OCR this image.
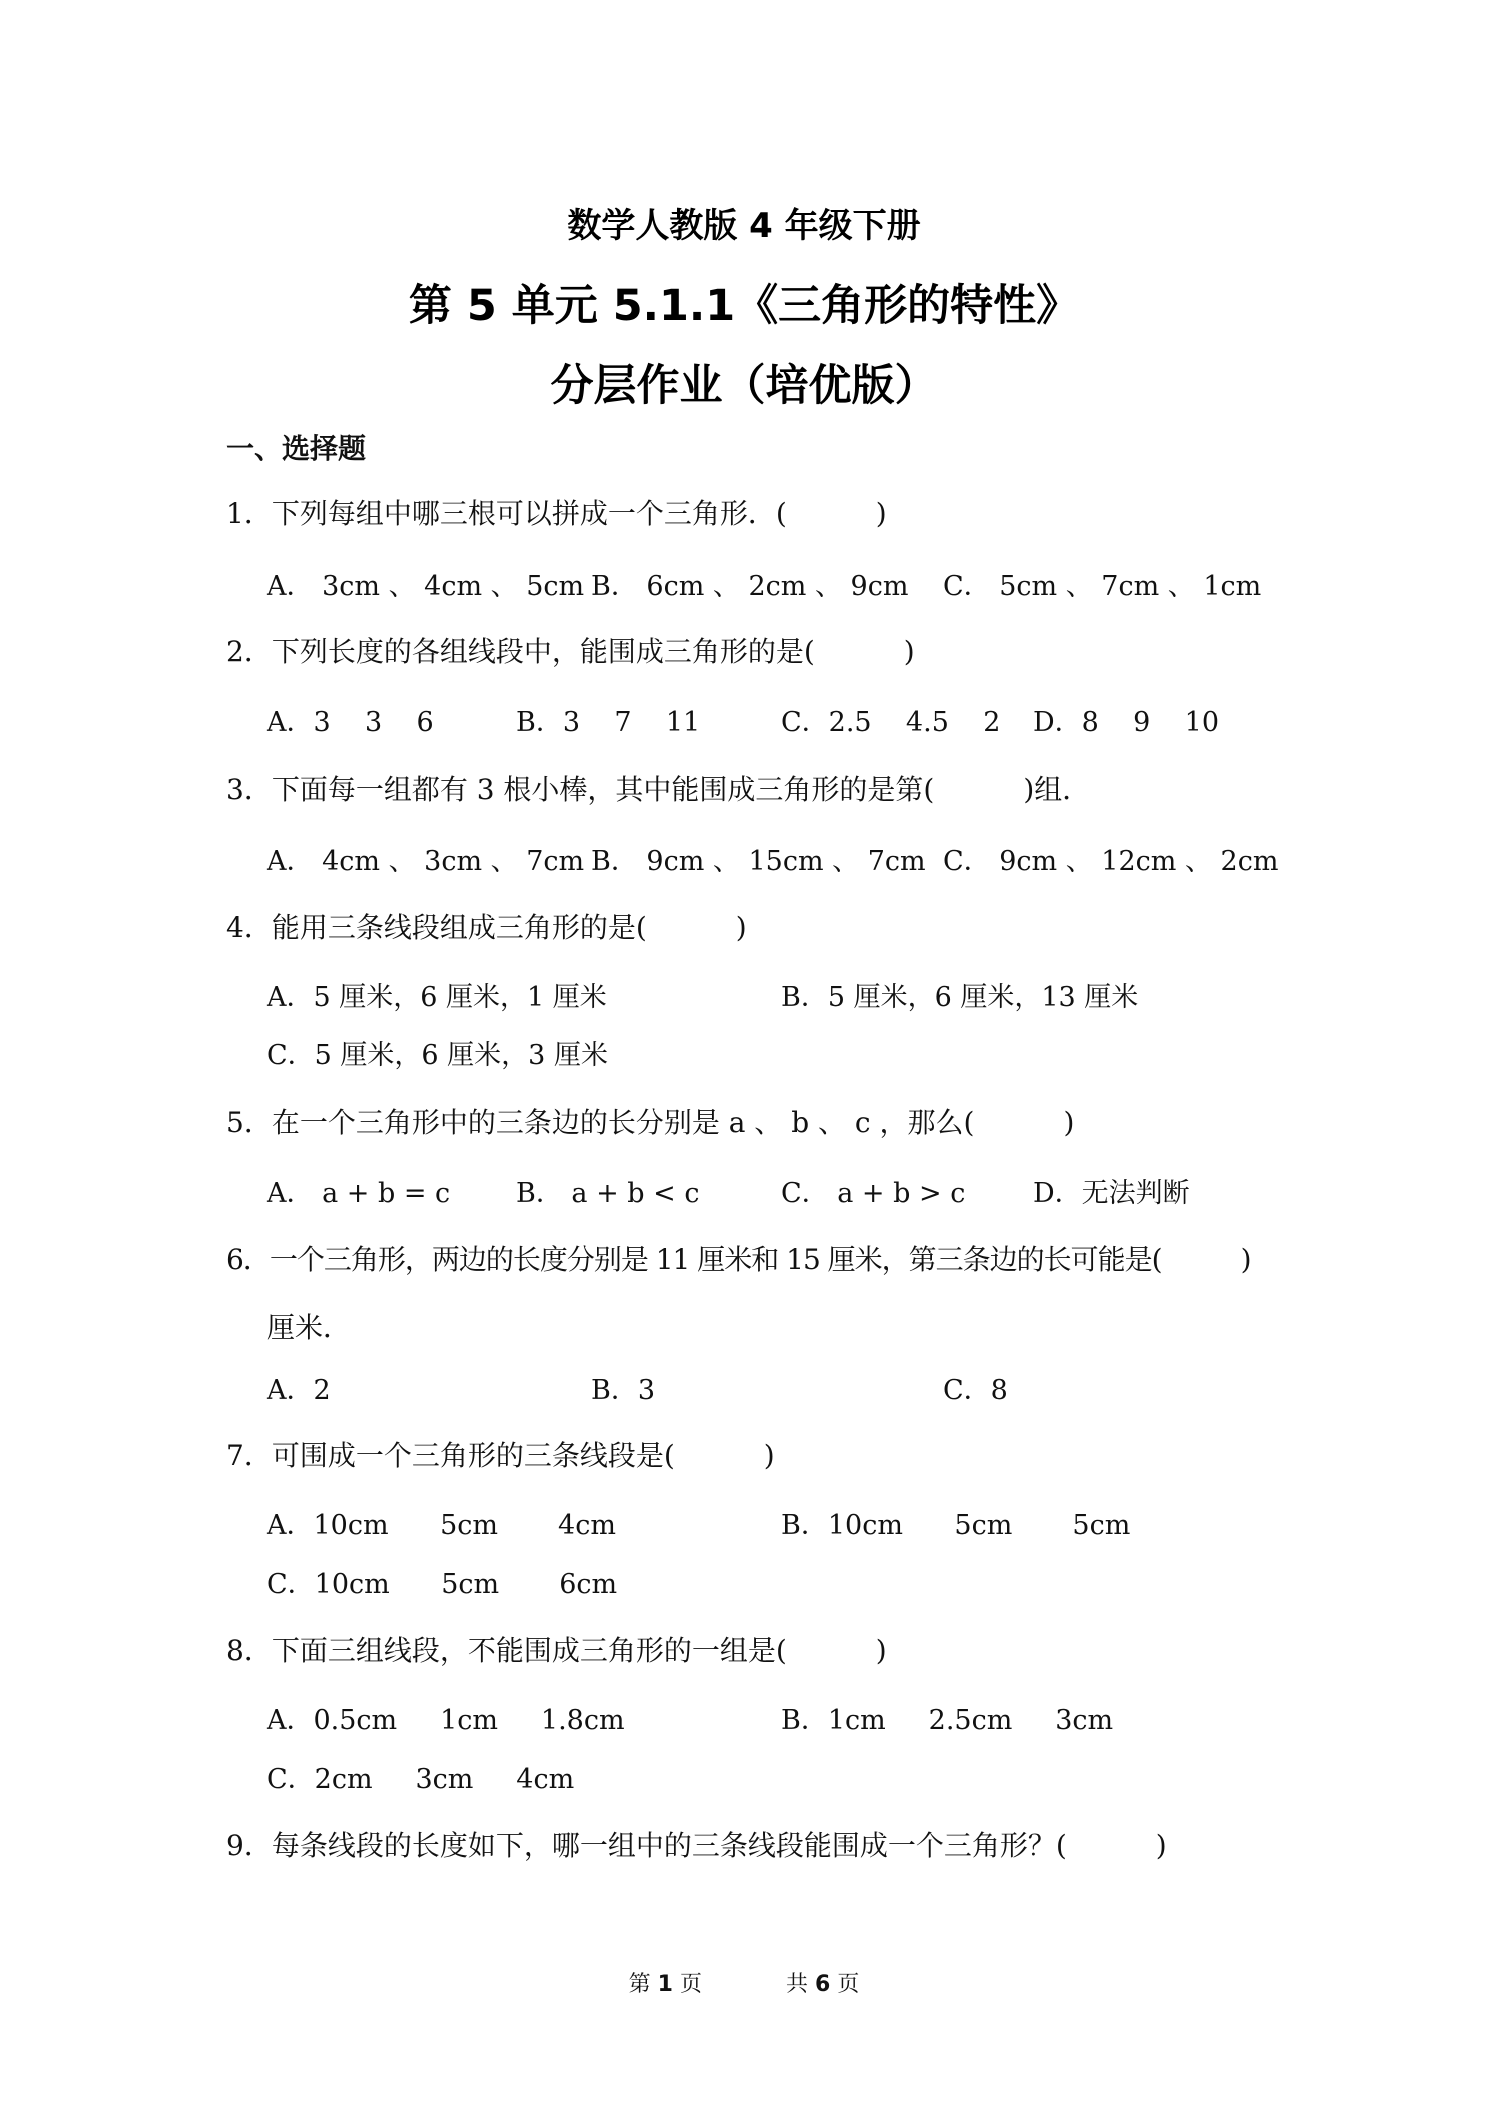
数学人教版 4 年级下册
第 5 单元 5.1.1《三角形的特性》
分层作业（培优版）
一、选择题
1．下列每组中哪三根可以拼成一个三角形．(          )
A． 3cm 、 4cm 、 5cm B． 6cm 、 2cm 、 9cm C． 5cm 、 7cm 、 1cm
2．下列长度的各组线段中，能围成三角形的是(          )
A．3    3    6	B．3    7    11	C．2.5    4.5    2 D．8    9    10
3．下面每一组都有 3 根小棒，其中能围成三角形的是第(          )组．
A． 4cm 、 3cm 、 7cm B． 9cm 、 15cm 、 7cm C． 9cm 、 12cm 、 2cm
4．能用三条线段组成三角形的是(          )
A．5 厘米，6 厘米，1 厘米	B．5 厘米，6 厘米，13 厘米
C．5 厘米，6 厘米，3 厘米
5．在一个三角形中的三条边的长分别是 a 、 b 、 c ，那么(          )
A． a + b = c B． a + b < c	C． a + b > c	D．无法判断
6．一个三角形，两边的长度分别是 11 厘米和 15 厘米，第三条边的长可能是(          )
厘米．
A．2	B．3	C．8
7．可围成一个三角形的三条线段是(          )
A．10cm      5cm       4cm	B．10cm      5cm       5cm
C．10cm      5cm       6cm
8．下面三组线段，不能围成三角形的一组是(          )
A．0.5cm     1cm     1.8cm	B．1cm     2.5cm     3cm
C．2cm     3cm     4cm
9．每条线段的长度如下，哪一组中的三条线段能围成一个三角形？(          )
第 1 页	共 6 页
